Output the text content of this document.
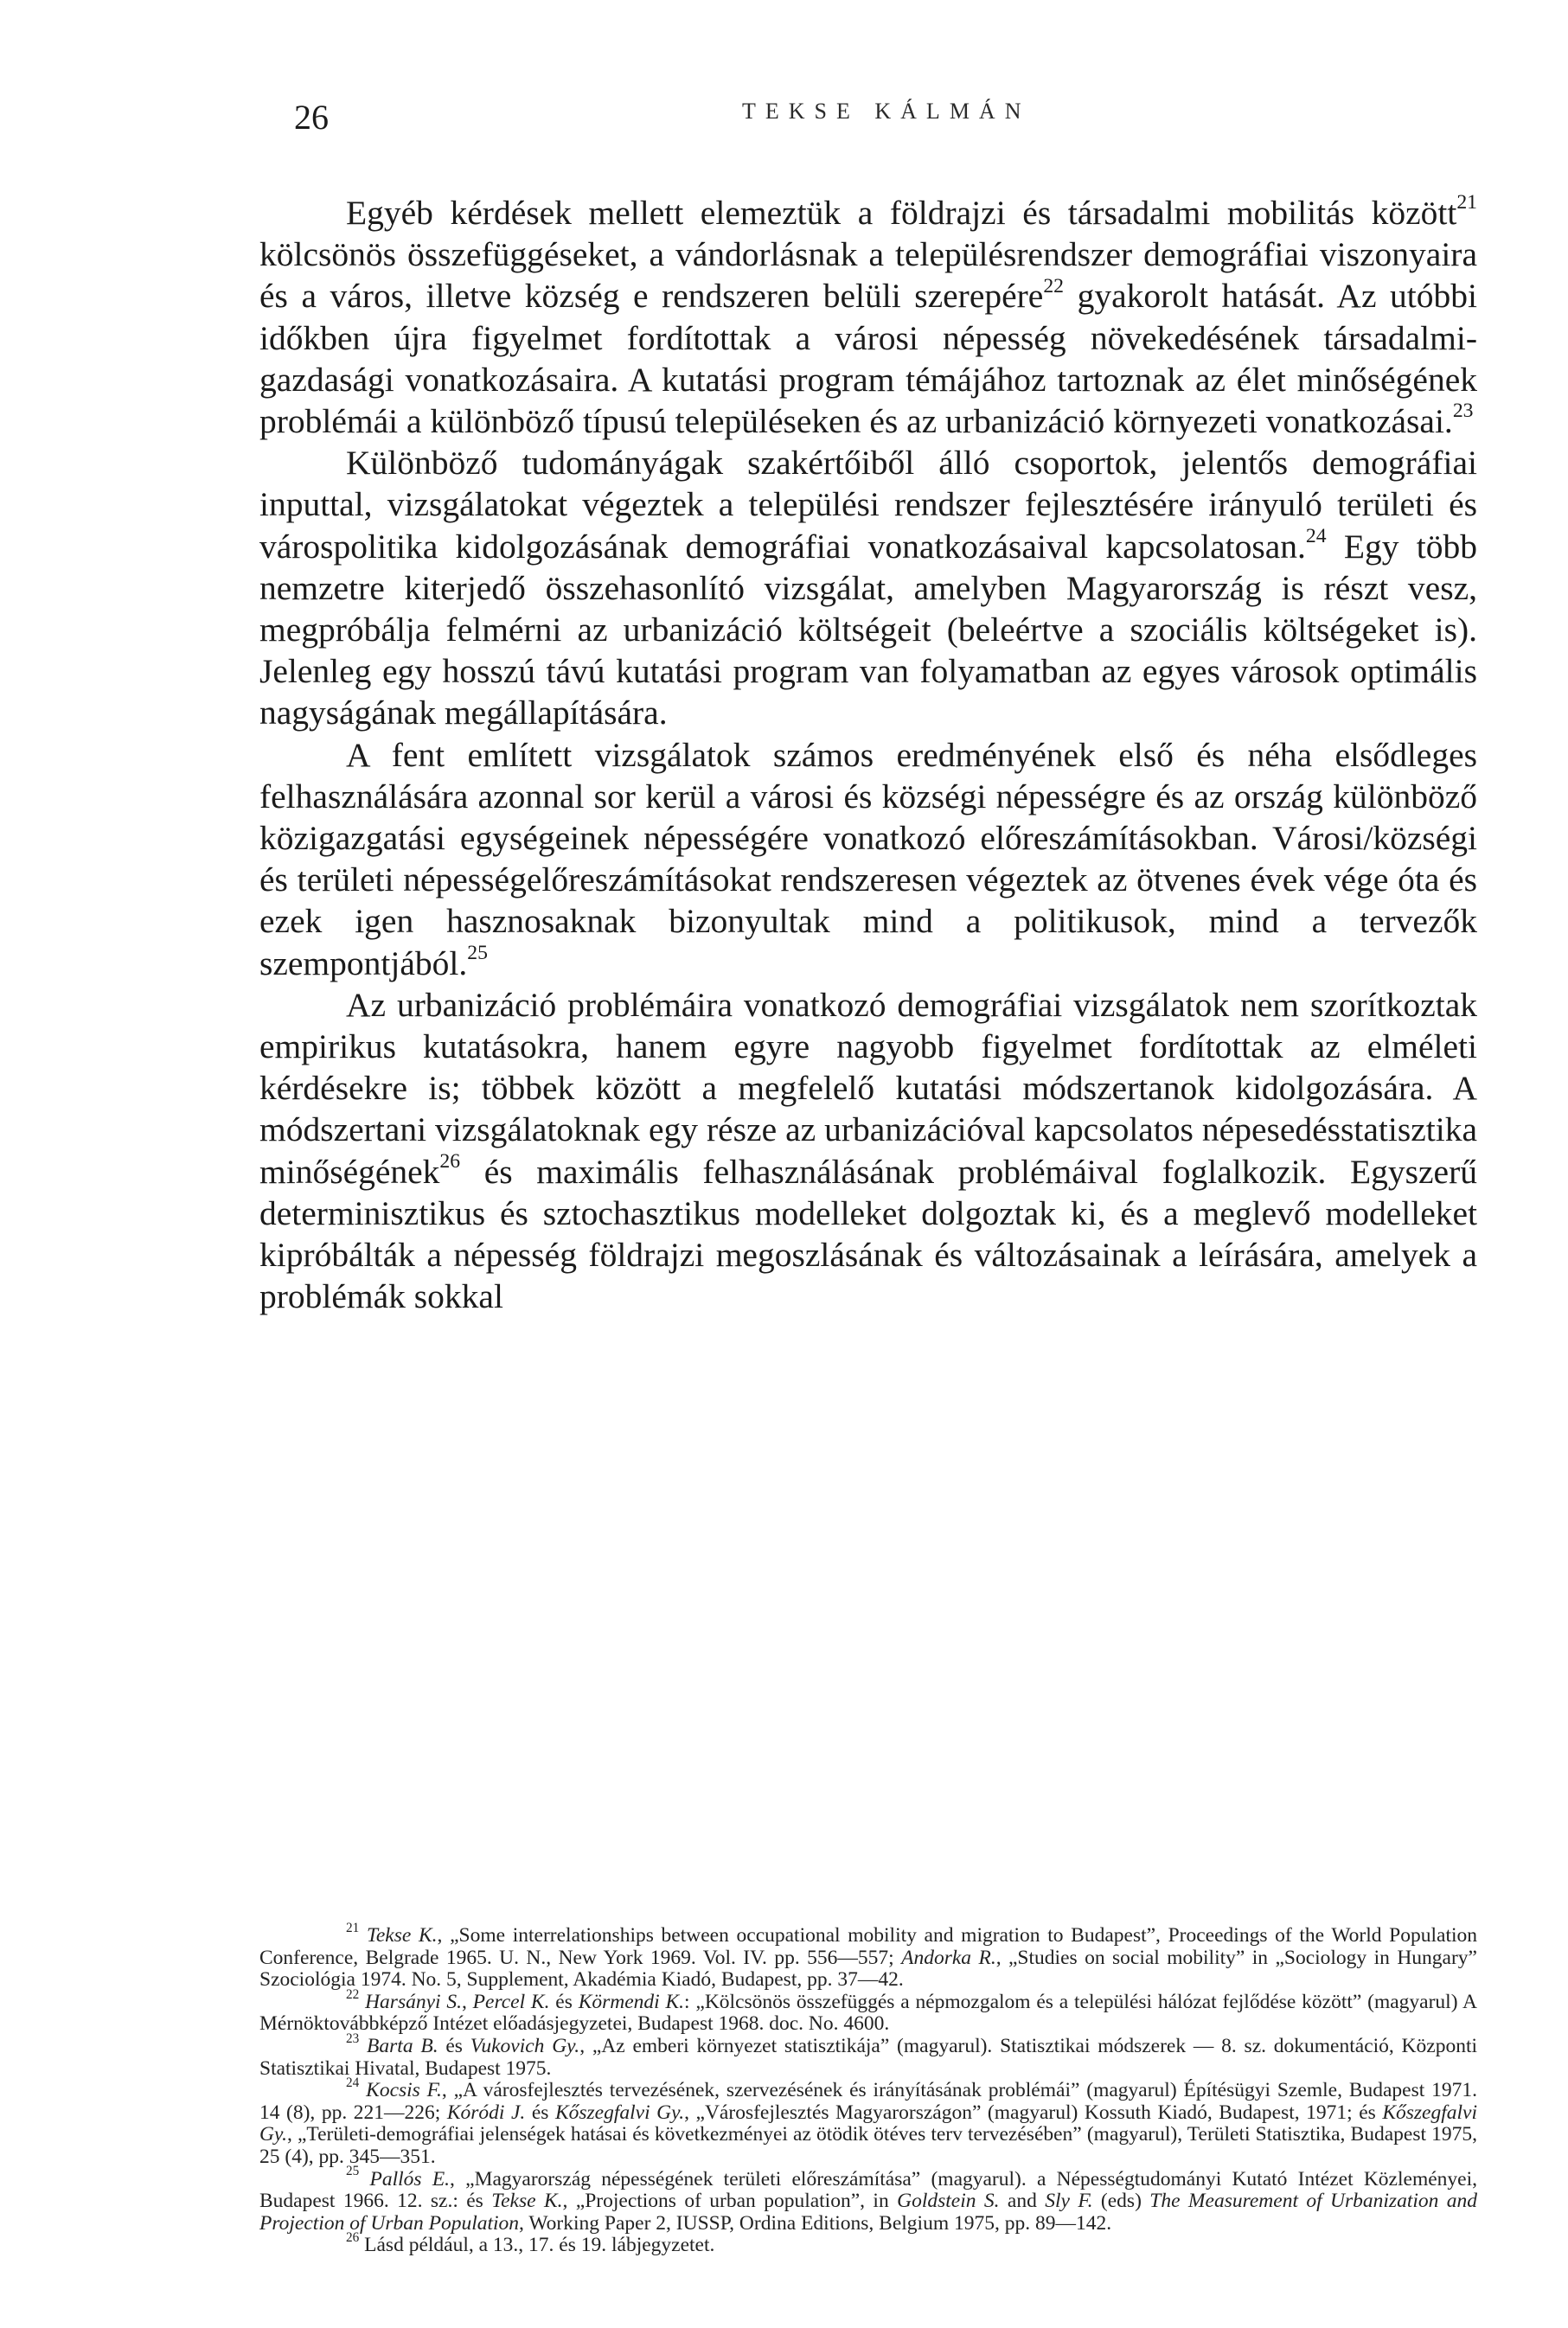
26	TEKSE KÁLMÁN

Egyéb kérdések mellett elemeztük a földrajzi és társadalmi mobilitás között$^{21}$ kölcsönös összefüggéseket, a vándorlásnak a településrendszer demográfiai viszonyaira és a város, illetve község e rendszeren belüli szerepére$^{22}$ gyakorolt hatását. Az utóbbi időkben újra figyelmet fordítottak a városi népesség növekedésének társadalmi-gazdasági vonatkozásaira. A kutatási program témájához tartoznak az élet minőségének problémái a különböző típusú településeken és az urbanizáció környezeti vonatkozásai.$^{23}$

Különböző tudományágak szakértőiből álló csoportok, jelentős demográfiai inputtal, vizsgálatokat végeztek a települési rendszer fejlesztésére irányuló területi és várospolitika kidolgozásának demográfiai vonatkozásaival kapcsolatosan.$^{24}$ Egy több nemzetre kiterjedő összehasonlító vizsgálat, amelyben Magyarország is részt vesz, megpróbálja felmérni az urbanizáció költségeit (beleértve a szociális költségeket is). Jelenleg egy hosszú távú kutatási program van folyamatban az egyes városok optimális nagyságának megállapítására.

A fent említett vizsgálatok számos eredményének első és néha elsődleges felhasználására azonnal sor kerül a városi és községi népességre és az ország különböző közigazgatási egységeinek népességére vonatkozó előreszámításokban. Városi/községi és területi népességelőreszámításokat rendszeresen végeztek az ötvenes évek vége óta és ezek igen hasznosaknak bizonyultak mind a politikusok, mind a tervezők szempontjából.$^{25}$

Az urbanizáció problémáira vonatkozó demográfiai vizsgálatok nem szorítkoztak empirikus kutatásokra, hanem egyre nagyobb figyelmet fordítottak az elméleti kérdésekre is; többek között a megfelelő kutatási módszertanok kidolgozására. A módszertani vizsgálatoknak egy része az urbanizációval kapcsolatos népesedésstatisztika minőségének$^{26}$ és maximális felhasználásának problémáival foglalkozik. Egyszerű determinisztikus és sztochasztikus modelleket dolgoztak ki, és a meglevő modelleket kipróbálták a népesség földrajzi megoszlásának és változásainak a leírására, amelyek a problémák sokkal

$^{21}$ Tekse K., „Some interrelationships between occupational mobility and migration to Budapest”, Proceedings of the World Population Conference, Belgrade 1965. U. N., New York 1969. Vol. IV. pp. 556—557; Andorka R., „Studies on social mobility” in „Sociology in Hungary” Szociológia 1974. No. 5, Supplement, Akadémia Kiadó, Budapest, pp. 37—42.

$^{22}$ Harsányi S., Percel K. és Körmendi K.: „Kölcsönös összefüggés a népmozgalom és a települési hálózat fejlődése között” (magyarul) A Mérnöktovábbképző Intézet előadásjegyzetei, Budapest 1968. doc. No. 4600.

$^{23}$ Barta B. és Vukovich Gy., „Az emberi környezet statisztikája” (magyarul). Statisztikai módszerek — 8. sz. dokumentáció, Központi Statisztikai Hivatal, Budapest 1975.

$^{24}$ Kocsis F., „A városfejlesztés tervezésének, szervezésének és irányításának problémái” (magyarul) Építésügyi Szemle, Budapest 1971. 14 (8), pp. 221—226; Kóródi J. és Kőszegfalvi Gy., „Városfejlesztés Magyarországon” (magyarul) Kossuth Kiadó, Budapest, 1971; és Kőszegfalvi Gy., „Területi-demográfiai jelenségek hatásai és következményei az ötödik ötéves terv tervezésében” (magyarul), Területi Statisztika, Budapest 1975, 25 (4), pp. 345—351.

$^{25}$ Pallós E., „Magyarország népességének területi előreszámítása” (magyarul). a Népességtudományi Kutató Intézet Közleményei, Budapest 1966. 12. sz.: és Tekse K., „Projections of urban population”, in Goldstein S. and Sly F. (eds) The Measurement of Urbanization and Projection of Urban Population, Working Paper 2, IUSSP, Ordina Editions, Belgium 1975, pp. 89—142.

$^{26}$ Lásd például, a 13., 17. és 19. lábjegyzetet.
